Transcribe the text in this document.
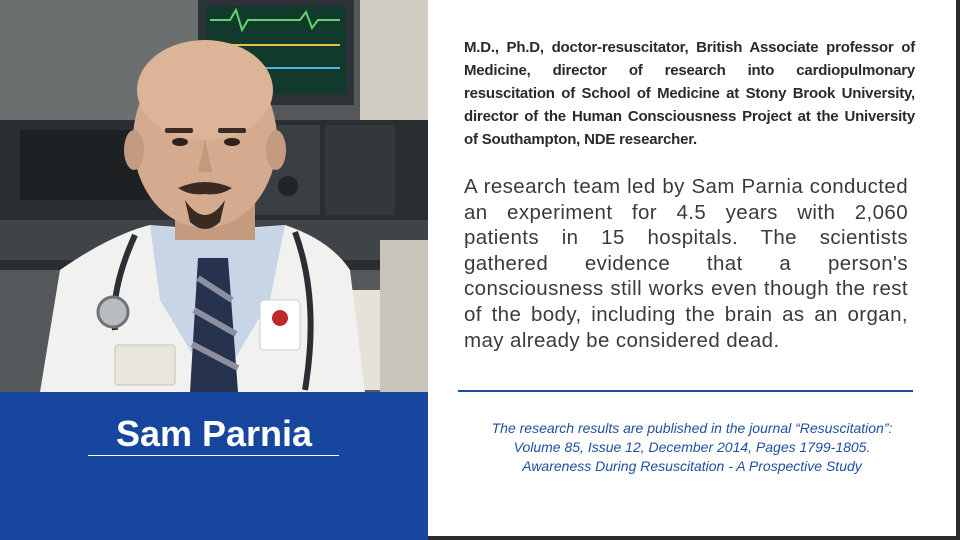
Sam Parnia
M.D., Ph.D, doctor-resuscitator, British Associate professor of Medicine, director of research into cardiopulmonary resuscitation of School of Medicine at Stony Brook University, director of the Human Consciousness Project at the University of Southampton, NDE researcher.
A research team led by Sam Parnia conducted an experiment for 4.5 years with 2,060 patients in 15 hospitals. The scientists gathered evidence that a person's consciousness still works even though the rest of the body, including the brain as an organ, may already be considered dead.
The research results are published in the journal “Resuscitation”:
Volume 85, Issue 12, December 2014, Pages 1799-1805.
Awareness During Resuscitation - A Prospective Study
